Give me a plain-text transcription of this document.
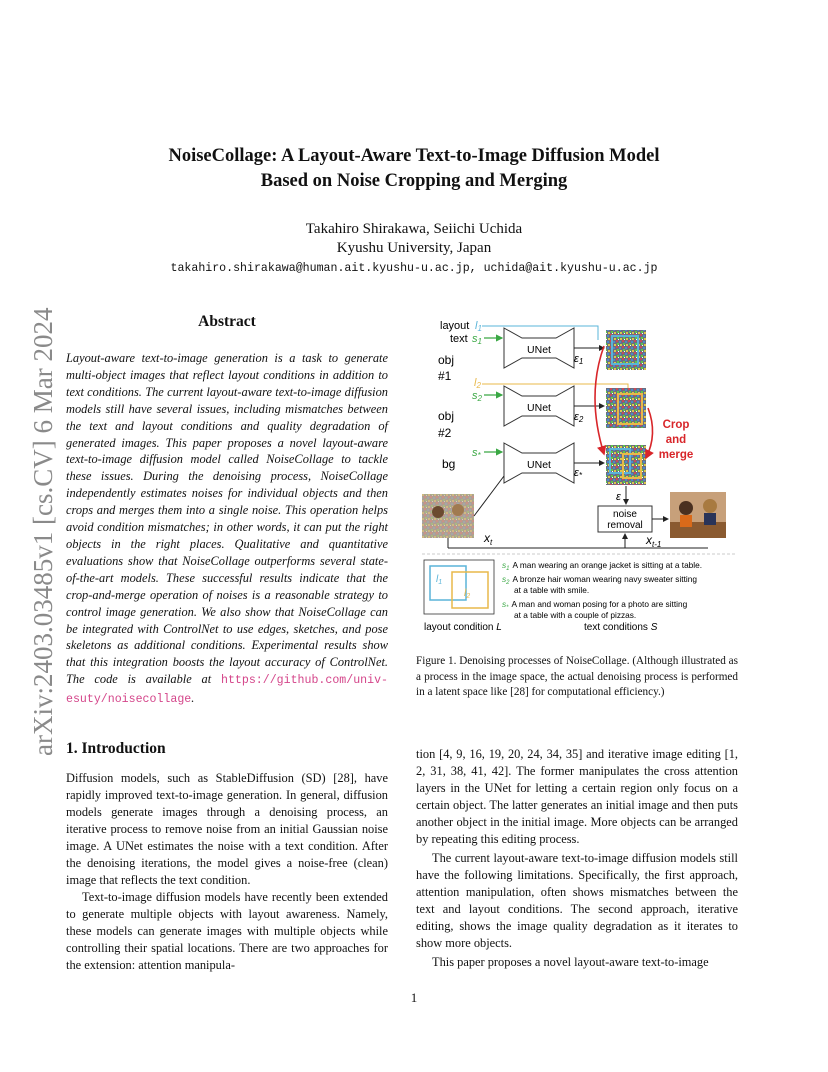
arXiv:2403.03485v1 [cs.CV] 6 Mar 2024
NoiseCollage: A Layout-Aware Text-to-Image Diffusion Model
Based on Noise Cropping and Merging
Takahiro Shirakawa, Seiichi Uchida
Kyushu University, Japan
takahiro.shirakawa@human.ait.kyushu-u.ac.jp, uchida@ait.kyushu-u.ac.jp
Abstract
Layout-aware text-to-image generation is a task to generate multi-object images that reflect layout conditions in addition to text conditions. The current layout-aware text-to-image diffusion models still have several issues, including mismatches between the text and layout conditions and quality degradation of generated images. This paper proposes a novel layout-aware text-to-image diffusion model called NoiseCollage to tackle these issues. During the denoising process, NoiseCollage independently estimates noises for individual objects and then crops and merges them into a single noise. This operation helps avoid condition mismatches; in other words, it can put the right objects in the right places. Qualitative and quantitative evaluations show that NoiseCollage outperforms several state-of-the-art models. These successful results indicate that the crop-and-merge operation of noises is a reasonable strategy to control image generation. We also show that NoiseCollage can be integrated with ControlNet to use edges, sketches, and pose skeletons as additional conditions. Experimental results show that this integration boosts the layout accuracy of ControlNet. The code is available at https://github.com/univ-esuty/noisecollage.
layout l1
text s1
obj
#1 l2
s2
obj
#2
s*
bg
UNet
UNet
UNet
ε1
ε2
ε*
Crop
and
merge
ε
noise
removal
$x_t$	$x_{t-1}$
$l_1$
$l_2$
$s_1$ A man wearing an orange jacket is sitting at a table.
$s_2$ A bronze hair woman wearing navy sweater sitting
at a table with smile.
$s_*$ A man and woman posing for a photo are sitting
at a table with a couple of pizzas.
layout condition L	text conditions S
Figure 1. Denoising processes of NoiseCollage. (Although illustrated as a process in the image space, the actual denoising process is performed in a latent space like [28] for computational efficiency.)
1. Introduction

Diffusion models, such as StableDiffusion (SD) [28], have rapidly improved text-to-image generation. In general, diffusion models generate images through a denoising process, an iterative process to remove noise from an initial Gaussian noise image. A UNet estimates the noise with a text condition. After the denoising iterations, the model gives a noise-free (clean) image that reflects the text condition.

Text-to-image diffusion models have recently been extended to generate multiple objects with layout awareness. Namely, these models can generate images with multiple objects while controlling their spatial locations. There are two approaches for the extension: attention manipula-

tion [4, 9, 16, 19, 20, 24, 34, 35] and iterative image editing [1, 2, 31, 38, 41, 42]. The former manipulates the cross attention layers in the UNet for letting a certain region only focus on a certain object. The latter generates an initial image and then puts another object in the initial image. More objects can be arranged by repeating this editing process.

The current layout-aware text-to-image diffusion models still have the following limitations. Specifically, the first approach, attention manipulation, often shows mismatches between the text and layout conditions. The second approach, iterative editing, shows the image quality degradation as it iterates to show more objects.

This paper proposes a novel layout-aware text-to-image

1
